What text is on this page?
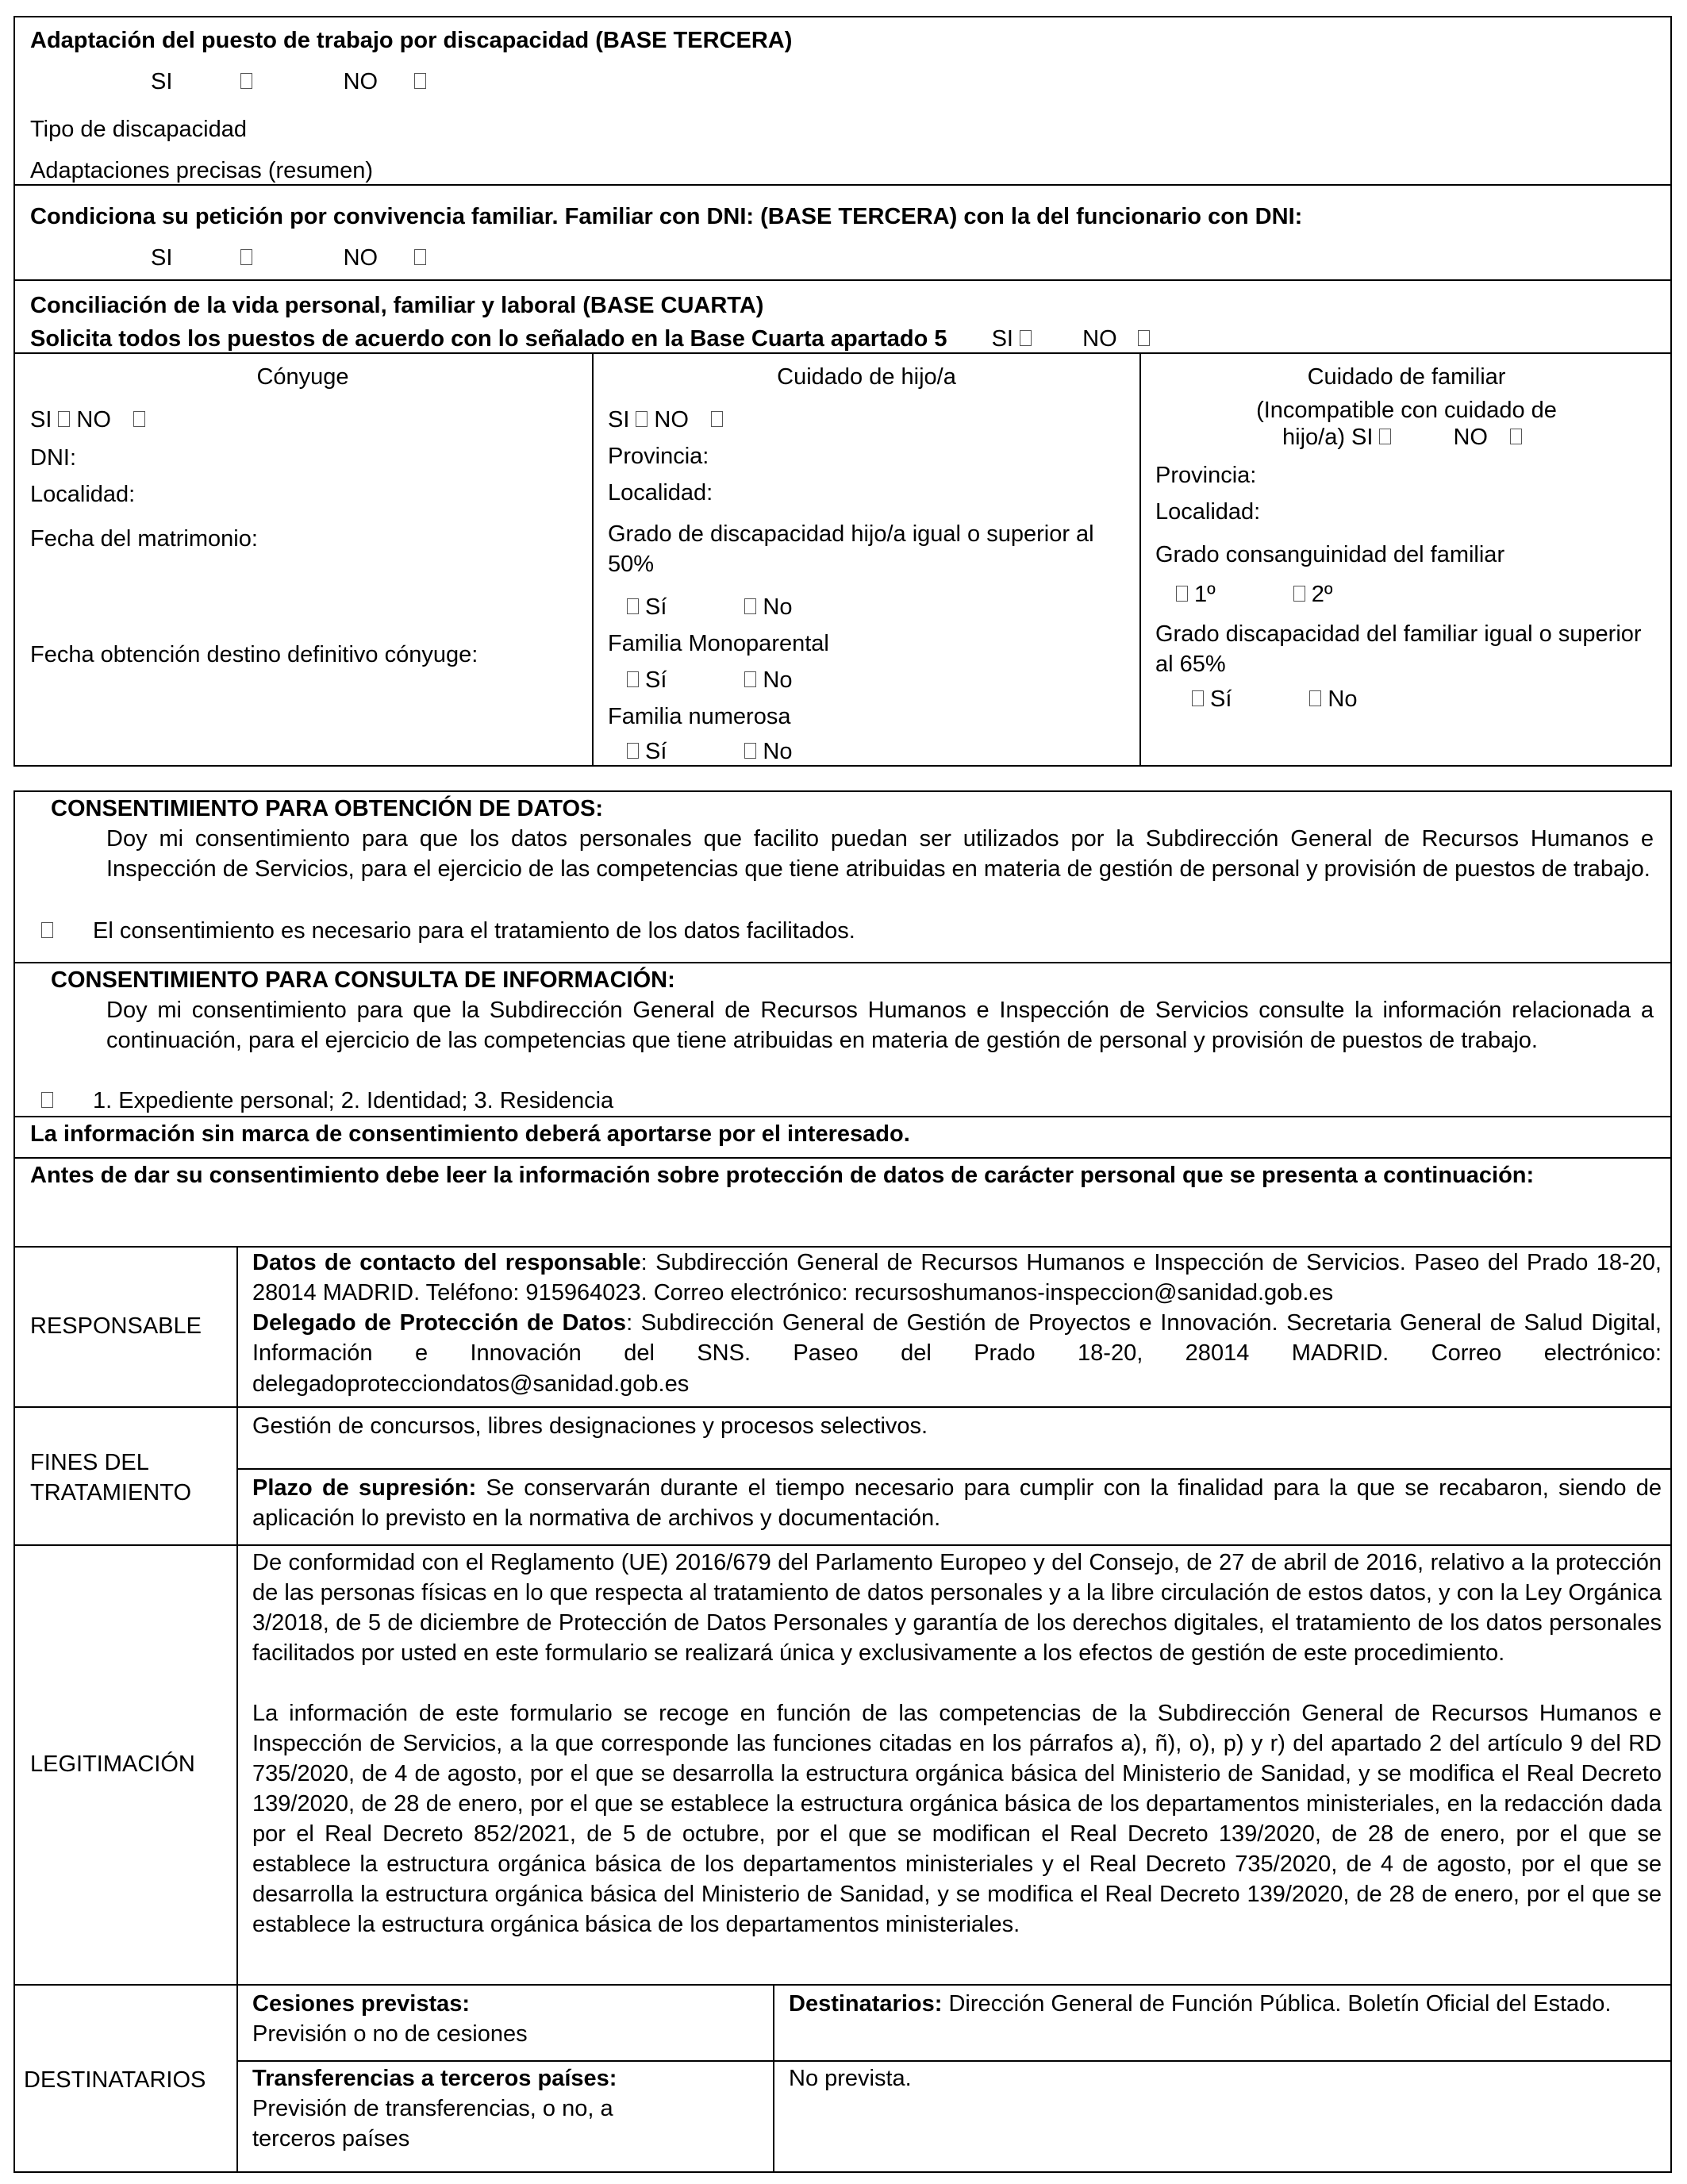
Adaptación del puesto de trabajo por discapacidad (BASE TERCERA)
SI	NO
Tipo de discapacidad
Adaptaciones precisas (resumen)
Condiciona su petición por convivencia familiar. Familiar con DNI: (BASE TERCERA) con la del funcionario con DNI:
SI	NO
Conciliación de la vida personal, familiar y laboral (BASE CUARTA)
Solicita todos los puestos de acuerdo con lo señalado en la Base Cuarta apartado 5 SI	NO
Cónyuge
SI NO
DNI:
Localidad:
Fecha del matrimonio:
Fecha obtención destino definitivo cónyuge:
Cuidado de hijo/a
SI NO
Provincia:
Localidad:
Grado de discapacidad hijo/a igual o superior al 50%
Sí	No
Familia Monoparental
Sí	No
Familia numerosa
Sí	No
Cuidado de familiar
(Incompatible con cuidado de
hijo/a) SI	NO
Provincia:
Localidad:
Grado consanguinidad del familiar
1º	2º
Grado discapacidad del familiar igual o superior al 65%
Sí	No
CONSENTIMIENTO PARA OBTENCIÓN DE DATOS:
Doy mi consentimiento para que los datos personales que facilito puedan ser utilizados por la Subdirección General de Recursos Humanos e Inspección de Servicios, para el ejercicio de las competencias que tiene atribuidas en materia de gestión de personal y provisión de puestos de trabajo.
El consentimiento es necesario para el tratamiento de los datos facilitados.
CONSENTIMIENTO PARA CONSULTA DE INFORMACIÓN:
Doy mi consentimiento para que la Subdirección General de Recursos Humanos e Inspección de Servicios consulte la información relacionada a continuación, para el ejercicio de las competencias que tiene atribuidas en materia de gestión de personal y provisión de puestos de trabajo.
1. Expediente personal; 2. Identidad; 3. Residencia
La información sin marca de consentimiento deberá aportarse por el interesado.
Antes de dar su consentimiento debe leer la información sobre protección de datos de carácter personal que se presenta a continuación:
RESPONSABLE
Datos de contacto del responsable: Subdirección General de Recursos Humanos e Inspección de Servicios. Paseo del Prado 18-20, 28014 MADRID. Teléfono: 915964023. Correo electrónico: recursoshumanos-inspeccion@sanidad.gob.es
Delegado de Protección de Datos: Subdirección General de Gestión de Proyectos e Innovación. Secretaria General de Salud Digital, Información e Innovación del SNS. Paseo del Prado 18-20, 28014 MADRID. Correo electrónico: delegadoprotecciondatos@sanidad.gob.es
FINES DEL
TRATAMIENTO
Gestión de concursos, libres designaciones y procesos selectivos.
Plazo de supresión: Se conservarán durante el tiempo necesario para cumplir con la finalidad para la que se recabaron, siendo de aplicación lo previsto en la normativa de archivos y documentación.
LEGITIMACIÓN
De conformidad con el Reglamento (UE) 2016/679 del Parlamento Europeo y del Consejo, de 27 de abril de 2016, relativo a la protección de las personas físicas en lo que respecta al tratamiento de datos personales y a la libre circulación de estos datos, y con la Ley Orgánica 3/2018, de 5 de diciembre de Protección de Datos Personales y garantía de los derechos digitales, el tratamiento de los datos personales facilitados por usted en este formulario se realizará única y exclusivamente a los efectos de gestión de este procedimiento.
La información de este formulario se recoge en función de las competencias de la Subdirección General de Recursos Humanos e Inspección de Servicios, a la que corresponde las funciones citadas en los párrafos a), ñ), o), p) y r) del apartado 2 del artículo 9 del RD 735/2020, de 4 de agosto, por el que se desarrolla la estructura orgánica básica del Ministerio de Sanidad, y se modifica el Real Decreto 139/2020, de 28 de enero, por el que se establece la estructura orgánica básica de los departamentos ministeriales, en la redacción dada por el Real Decreto 852/2021, de 5 de octubre, por el que se modifican el Real Decreto 139/2020, de 28 de enero, por el que se establece la estructura orgánica básica de los departamentos ministeriales y el Real Decreto 735/2020, de 4 de agosto, por el que se desarrolla la estructura orgánica básica del Ministerio de Sanidad, y se modifica el Real Decreto 139/2020, de 28 de enero, por el que se establece la estructura orgánica básica de los departamentos ministeriales.
DESTINATARIOS
Cesiones previstas:
Previsión o no de cesiones
Destinatarios: Dirección General de Función Pública. Boletín Oficial del Estado.
Transferencias a terceros países:
Previsión de transferencias, o no, a terceros países
No prevista.
